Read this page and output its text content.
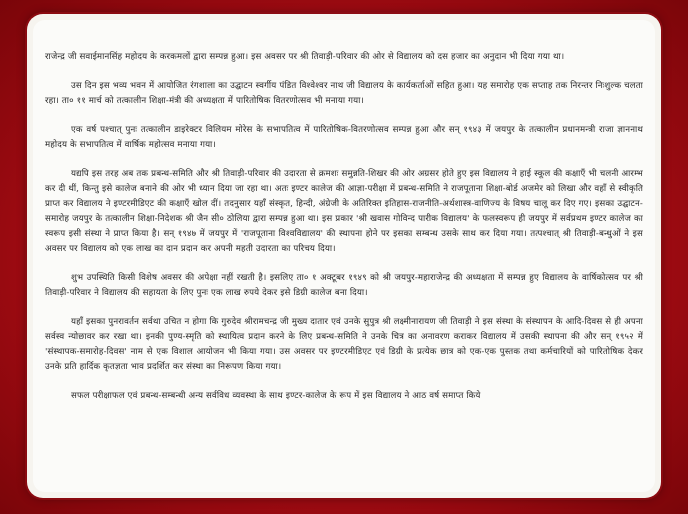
राजेन्द्र जी सवाईमानसिंह महोदय के करकमलों द्वारा सम्पन्न हुआ। इस अवसर पर श्री तिवाड़ी-परिवार की ओर से विद्यालय को दस हजार का अनुदान भी दिया गया था।

उस दिन इस भव्य भवन में आयोजित रंगशाला का उद्घाटन स्वर्गीय पंडित विश्वेश्वर नाथ जी विद्यालय के कार्यकर्ताओं सहित हुआ। यह समारोह एक सप्ताह तक निरन्तर निःशुल्क चलता रहा। ता० ११ मार्च को तत्कालीन शिक्षा-मंत्री की अध्यक्षता में पारितोषिक वितरणोत्सव भी मनाया गया।

एक वर्ष पश्चात् पुनः तत्कालीन डाइरेक्टर विलियम मोरेस के सभापतित्व में पारितोषिक-वितरणोत्सव सम्पन्न हुआ और सन् १९४३ में जयपुर के तत्कालीन प्रधानमन्त्री राजा ज्ञाननाथ महोदय के सभापतित्व में वार्षिक महोत्सव मनाया गया।

यद्यपि इस तरह अब तक प्रबन्ध-समिति और श्री तिवाड़ी-परिवार की उदारता से क्रमशः समुन्नति-शिखर की ओर अग्रसर होते हुए इस विद्यालय ने हाई स्कूल की कक्षाएँ भी चलनी आरम्भ कर दी थीं, किन्तु इसे कालेज बनाने की ओर भी ध्यान दिया जा रहा था। अतः इण्टर कालेज की आज्ञा-परीक्षा में प्रबन्ध-समिति ने राजपूताना शिक्षा-बोर्ड अजमेर को लिखा और वहाँ से स्वीकृति प्राप्त कर विद्यालय ने इण्टरमीडिएट की कक्षाएँ खोल दीं। तदनुसार यहाँ संस्कृत, हिन्दी, अंग्रेजी के अतिरिक्त इतिहास-राजनीति-अर्थशास्त्र-वाणिज्य के विषय चालू कर दिए गए। इसका उद्घाटन-समारोह जयपुर के तत्कालीन शिक्षा-निदेशक श्री जैन सी० ठोलिया द्वारा सम्पन्न हुआ था। इस प्रकार 'श्री खवास गोविन्द पारीक विद्यालय' के फलस्वरूप ही जयपुर में सर्वप्रथम इण्टर कालेज का स्वरूप इसी संस्था ने प्राप्त किया है। सन् १९४७ में जयपुर में 'राजपूताना विश्वविद्यालय' की स्थापना होने पर इसका सम्बन्ध उसके साथ कर दिया गया। तत्पश्चात् श्री तिवाड़ी-बन्धुओं ने इस अवसर पर विद्यालय को एक लाख का दान प्रदान कर अपनी महती उदारता का परिचय दिया।

शुभ उपस्थिति किसी विशेष अवसर की अपेक्षा नहीं रखती है। इसलिए ता० १ अक्टूबर १९४९ को श्री जयपुर-महाराजेन्द्र की अध्यक्षता में सम्पन्न हुए विद्यालय के वार्षिकोत्सव पर श्री तिवाड़ी-परिवार ने विद्यालय की सहायता के लिए पुनः एक लाख रुपये देकर इसे डिग्री कालेज बना दिया।

यहाँ इसका पुनरावर्तन सर्वथा उचित न होगा कि गुरुदेव श्रीरामचन्द्र जी मुख्य दातार एवं उनके सुपुत्र श्री लक्ष्मीनारायण जी तिवाड़ी ने इस संस्था के संस्थापन के आदि-दिवस से ही अपना सर्वस्व न्योछावर कर रखा था। इनकी पुण्य-स्मृति को स्थायित्व प्रदान करने के लिए प्रबन्ध-समिति ने उनके चित्र का अनावरण कराकर विद्यालय में उसकी स्थापना की और सन् १९५२ में 'संस्थापक-समारोह-दिवस' नाम से एक विशाल आयोजन भी किया गया। उस अवसर पर इण्टरमीडिएट एवं डिग्री के प्रत्येक छात्र को एक-एक पुस्तक तथा कर्मचारियों को पारितोषिक देकर उनके प्रति हार्दिक कृतज्ञता भाव प्रदर्शित कर संस्था का निरूपण किया गया।

सफल परीक्षाफल एवं प्रबन्ध-सम्बन्धी अन्य सर्वविध व्यवस्था के साथ इण्टर-कालेज के रूप में इस विद्यालय ने आठ वर्ष समाप्त किये
